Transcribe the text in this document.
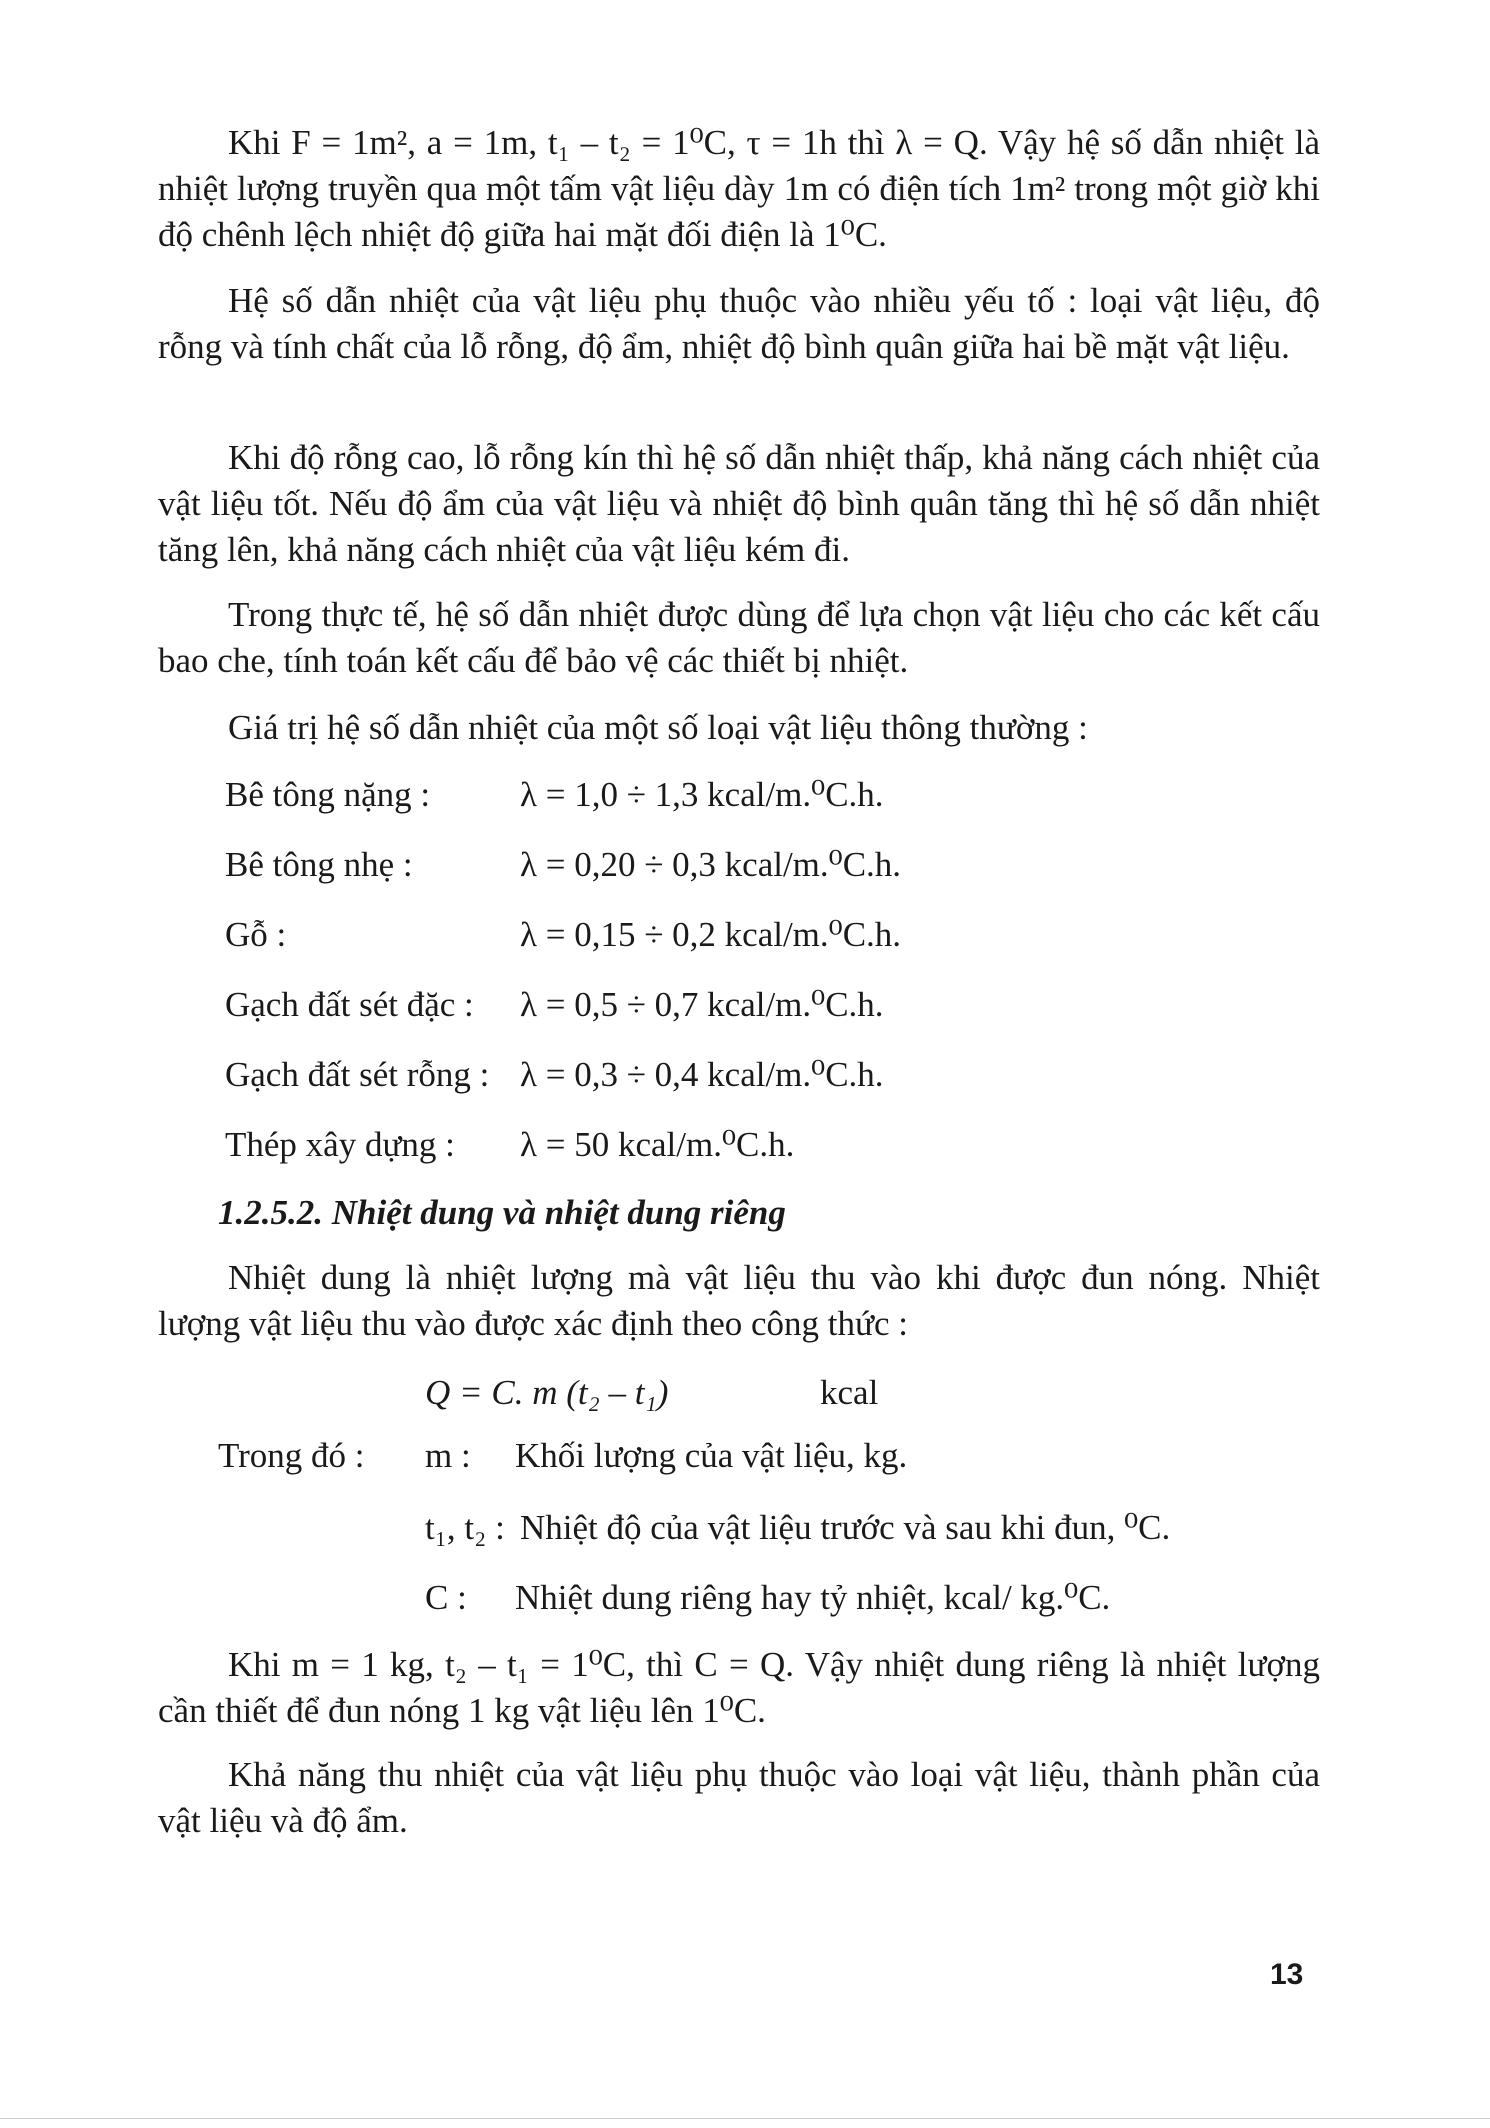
Khi F = 1m², a = 1m, t₁ – t₂ = 1⁰C, τ = 1h thì λ = Q. Vậy hệ số dẫn nhiệt là nhiệt lượng truyền qua một tấm vật liệu dày 1m có điện tích 1m² trong một giờ khi độ chênh lệch nhiệt độ giữa hai mặt đối điện là 1⁰C.

Hệ số dẫn nhiệt của vật liệu phụ thuộc vào nhiều yếu tố : loại vật liệu, độ rỗng và tính chất của lỗ rỗng, độ ẩm, nhiệt độ bình quân giữa hai bề mặt vật liệu.

Khi độ rỗng cao, lỗ rỗng kín thì hệ số dẫn nhiệt thấp, khả năng cách nhiệt của vật liệu tốt. Nếu độ ẩm của vật liệu và nhiệt độ bình quân tăng thì hệ số dẫn nhiệt tăng lên, khả năng cách nhiệt của vật liệu kém đi.

Trong thực tế, hệ số dẫn nhiệt được dùng để lựa chọn vật liệu cho các kết cấu bao che, tính toán kết cấu để bảo vệ các thiết bị nhiệt.

Giá trị hệ số dẫn nhiệt của một số loại vật liệu thông thường :

Bê tông nặng :	λ = 1,0 ÷ 1,3 kcal/m.⁰C.h.
Bê tông nhẹ :	λ = 0,20 ÷ 0,3 kcal/m.⁰C.h.
Gỗ :	λ = 0,15 ÷ 0,2 kcal/m.⁰C.h.
Gạch đất sét đặc : λ = 0,5 ÷ 0,7 kcal/m.⁰C.h.
Gạch đất sét rỗng : λ = 0,3 ÷ 0,4 kcal/m.⁰C.h.
Thép xây dựng : λ = 50 kcal/m.⁰C.h.
1.2.5.2. Nhiệt dung và nhiệt dung riêng

Nhiệt dung là nhiệt lượng mà vật liệu thu vào khi được đun nóng. Nhiệt lượng vật liệu thu vào được xác định theo công thức :

Q = C. m (t₂ – t₁)	kcal
Trong đó : m : Khối lượng của vật liệu, kg.
t₁, t₂ : Nhiệt độ của vật liệu trước và sau khi đun, ⁰C.
C : Nhiệt dung riêng hay tỷ nhiệt, kcal/ kg.⁰C.

Khi m = 1 kg, t₂ – t₁ = 1⁰C, thì C = Q. Vậy nhiệt dung riêng là nhiệt lượng cần thiết để đun nóng 1 kg vật liệu lên 1⁰C.

Khả năng thu nhiệt của vật liệu phụ thuộc vào loại vật liệu, thành phần của vật liệu và độ ẩm.

13
